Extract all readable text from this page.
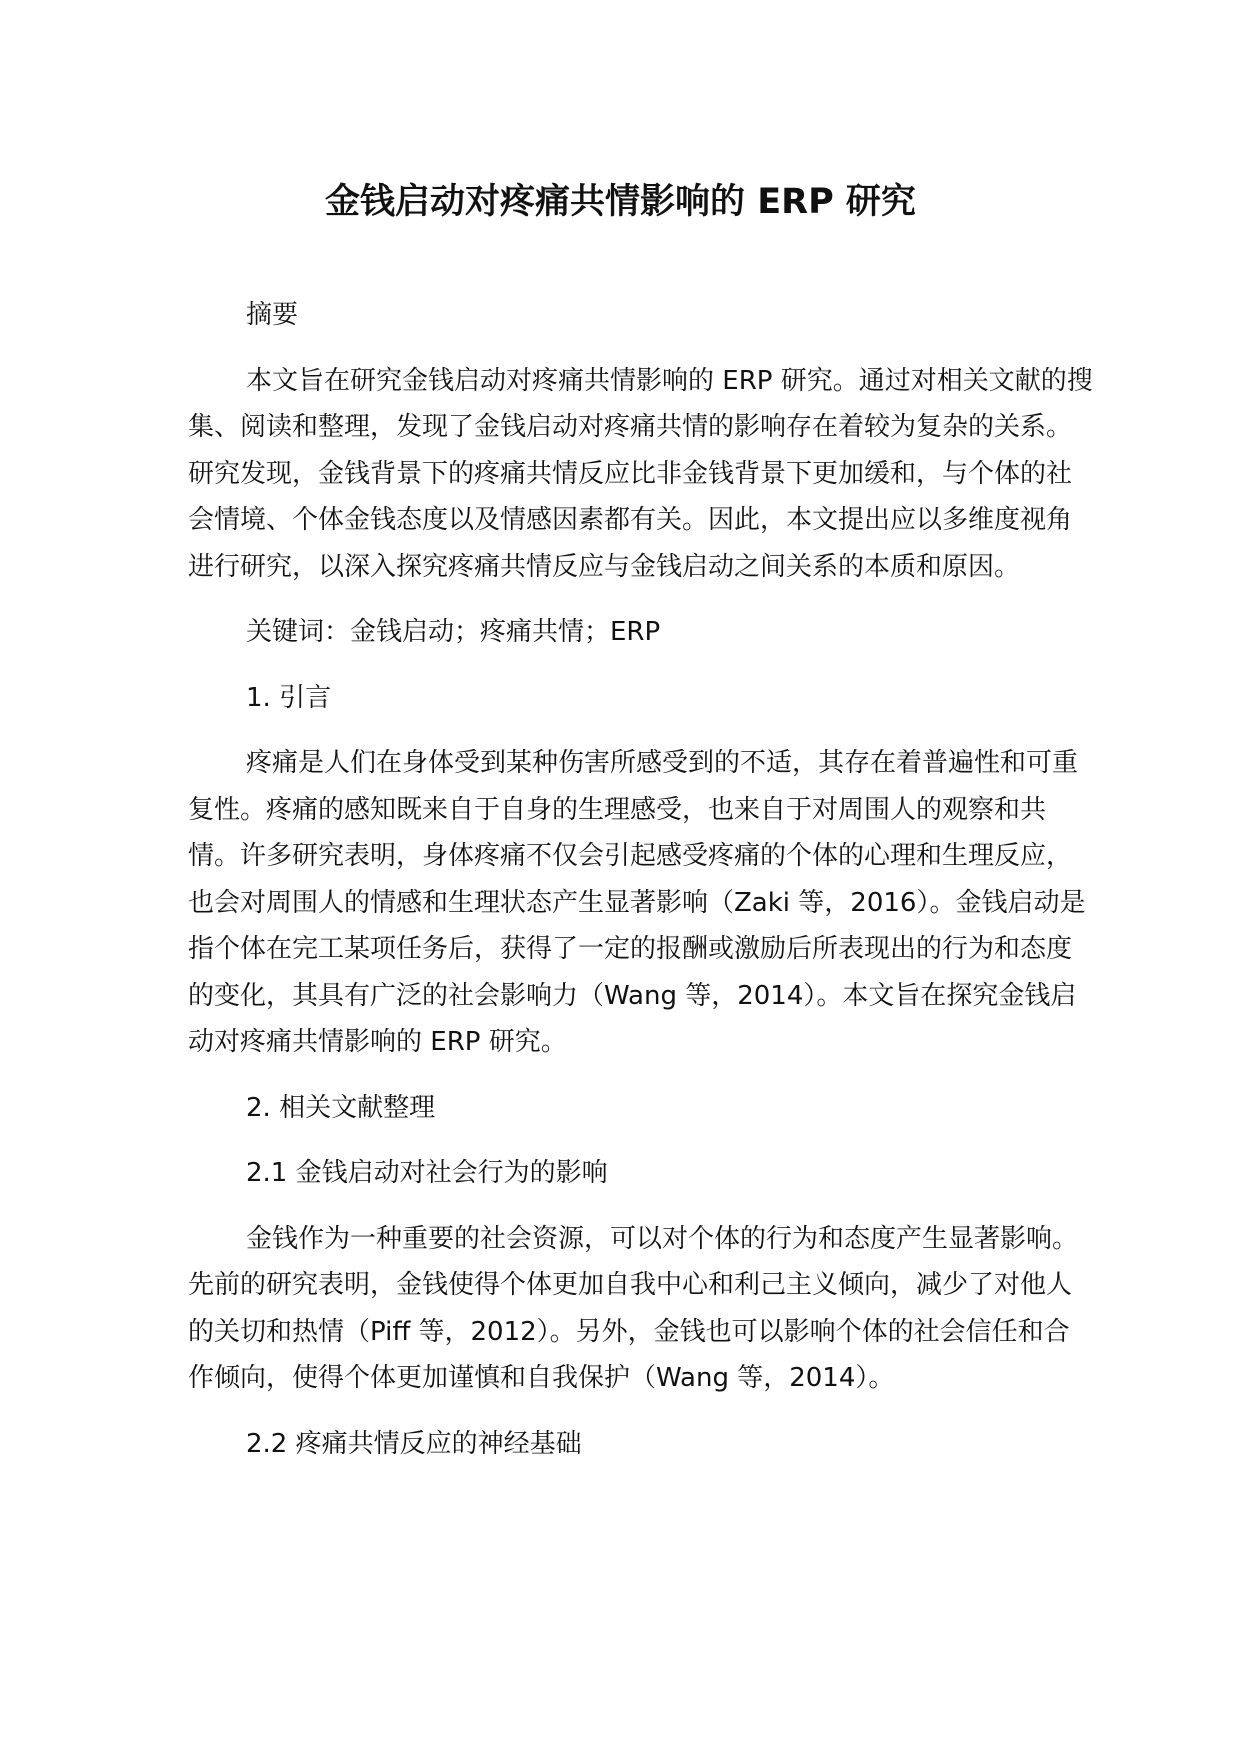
金钱启动对疼痛共情影响的 ERP 研究

摘要

本文旨在研究金钱启动对疼痛共情影响的 ERP 研究。通过对相关文献的搜集、阅读和整理，发现了金钱启动对疼痛共情的影响存在着较为复杂的关系。研究发现，金钱背景下的疼痛共情反应比非金钱背景下更加缓和，与个体的社会情境、个体金钱态度以及情感因素都有关。因此，本文提出应以多维度视角进行研究，以深入探究疼痛共情反应与金钱启动之间关系的本质和原因。

关键词：金钱启动；疼痛共情；ERP

1. 引言

疼痛是人们在身体受到某种伤害所感受到的不适，其存在着普遍性和可重复性。疼痛的感知既来自于自身的生理感受，也来自于对周围人的观察和共情。许多研究表明，身体疼痛不仅会引起感受疼痛的个体的心理和生理反应，也会对周围人的情感和生理状态产生显著影响（Zaki 等，2016）。金钱启动是指个体在完工某项任务后，获得了一定的报酬或激励后所表现出的行为和态度的变化，其具有广泛的社会影响力（Wang 等，2014）。本文旨在探究金钱启动对疼痛共情影响的 ERP 研究。

2. 相关文献整理

2.1 金钱启动对社会行为的影响

金钱作为一种重要的社会资源，可以对个体的行为和态度产生显著影响。先前的研究表明，金钱使得个体更加自我中心和利己主义倾向，减少了对他人的关切和热情（Piff 等，2012）。另外，金钱也可以影响个体的社会信任和合作倾向，使得个体更加谨慎和自我保护（Wang 等，2014）。

2.2 疼痛共情反应的神经基础
